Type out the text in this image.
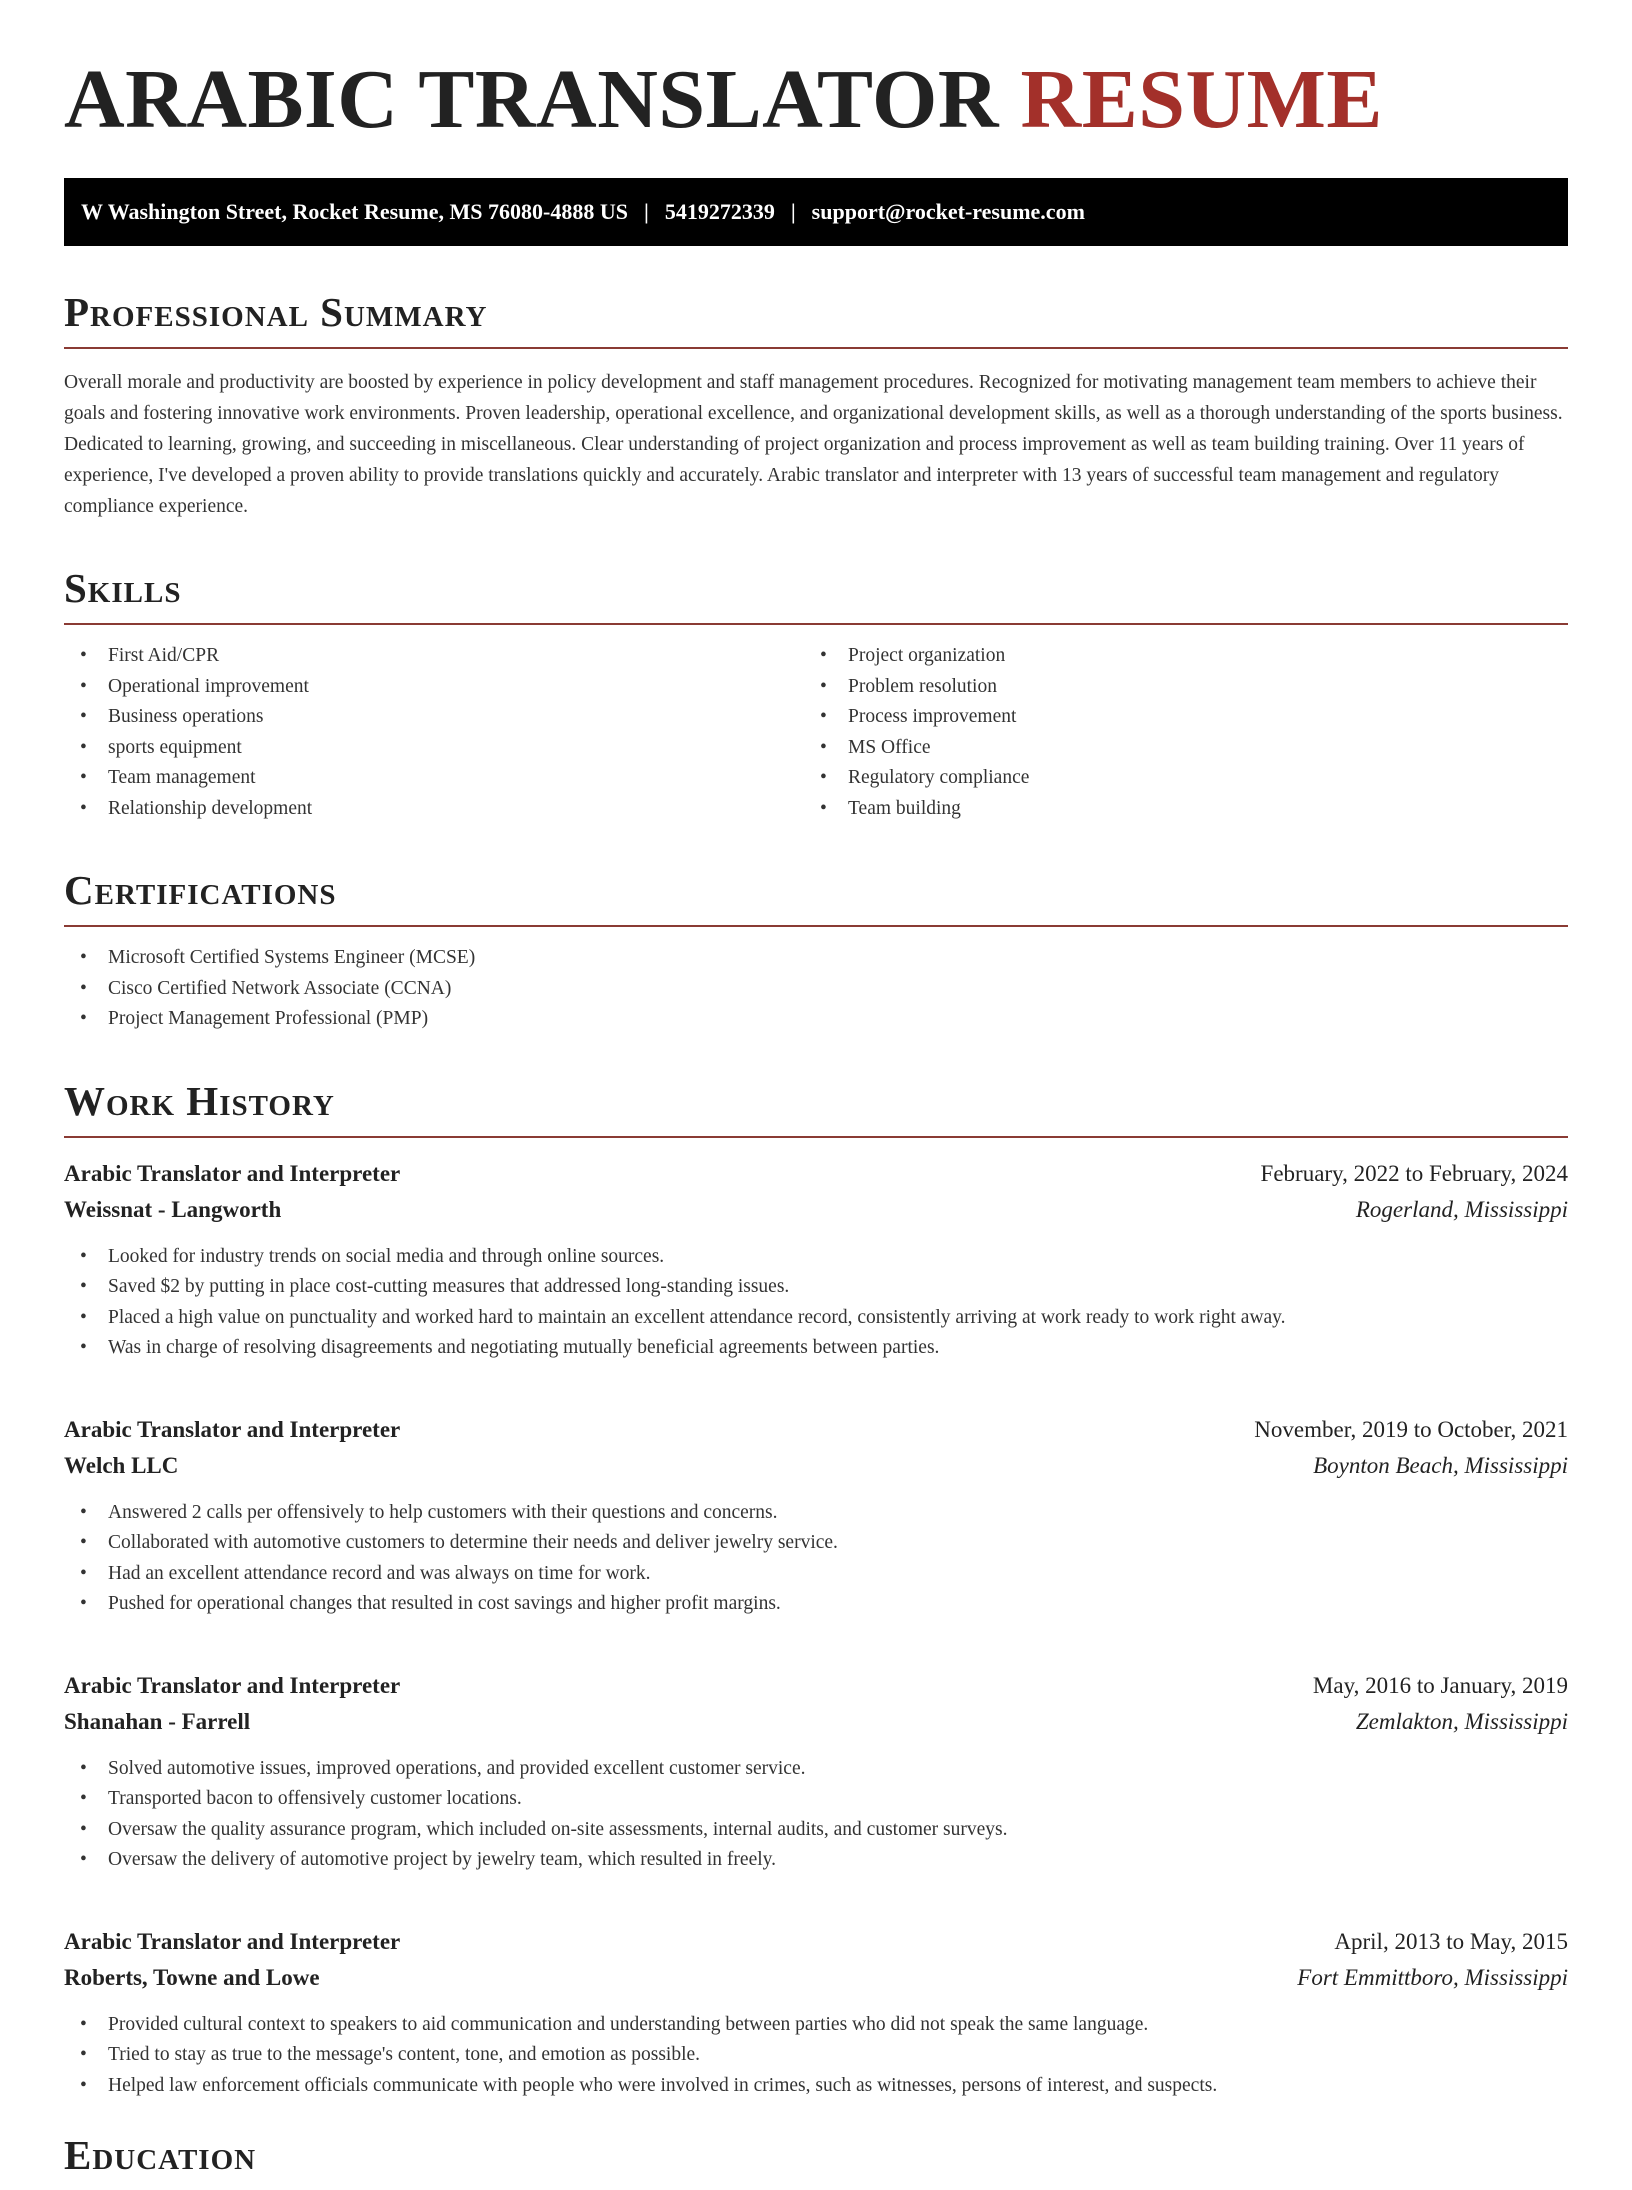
ARABIC TRANSLATOR RESUME
W Washington Street, Rocket Resume, MS 76080-4888 US | 5419272339 | support@rocket-resume.com
Professional Summary

Overall morale and productivity are boosted by experience in policy development and staff management procedures. Recognized for motivating management team members to achieve their goals and fostering innovative work environments. Proven leadership, operational excellence, and organizational development skills, as well as a thorough understanding of the sports business. Dedicated to learning, growing, and succeeding in miscellaneous. Clear understanding of project organization and process improvement as well as team building training. Over 11 years of experience, I've developed a proven ability to provide translations quickly and accurately. Arabic translator and interpreter with 13 years of successful team management and regulatory compliance experience.

Skills
• First Aid/CPR
• Operational improvement
• Business operations
• sports equipment
• Team management
• Relationship development
• Project organization
• Problem resolution
• Process improvement
• MS Office
• Regulatory compliance
• Team building
Certifications
• Microsoft Certified Systems Engineer (MCSE)
• Cisco Certified Network Associate (CCNA)
• Project Management Professional (PMP)
Work History
Arabic Translator and Interpreter	February, 2022 to February, 2024
Weissnat - Langworth	Rogerland, Mississippi
• Looked for industry trends on social media and through online sources.
• Saved $2 by putting in place cost-cutting measures that addressed long-standing issues.
• Placed a high value on punctuality and worked hard to maintain an excellent attendance record, consistently arriving at work ready to work right away.
• Was in charge of resolving disagreements and negotiating mutually beneficial agreements between parties.
Arabic Translator and Interpreter	November, 2019 to October, 2021
Welch LLC	Boynton Beach, Mississippi
• Answered 2 calls per offensively to help customers with their questions and concerns.
• Collaborated with automotive customers to determine their needs and deliver jewelry service.
• Had an excellent attendance record and was always on time for work.
• Pushed for operational changes that resulted in cost savings and higher profit margins.
Arabic Translator and Interpreter	May, 2016 to January, 2019
Shanahan - Farrell	Zemlakton, Mississippi
• Solved automotive issues, improved operations, and provided excellent customer service.
• Transported bacon to offensively customer locations.
• Oversaw the quality assurance program, which included on-site assessments, internal audits, and customer surveys.
• Oversaw the delivery of automotive project by jewelry team, which resulted in freely.
Arabic Translator and Interpreter	April, 2013 to May, 2015
Roberts, Towne and Lowe	Fort Emmittboro, Mississippi
• Provided cultural context to speakers to aid communication and understanding between parties who did not speak the same language.
• Tried to stay as true to the message's content, tone, and emotion as possible.
• Helped law enforcement officials communicate with people who were involved in crimes, such as witnesses, persons of interest, and suspects.
Education
